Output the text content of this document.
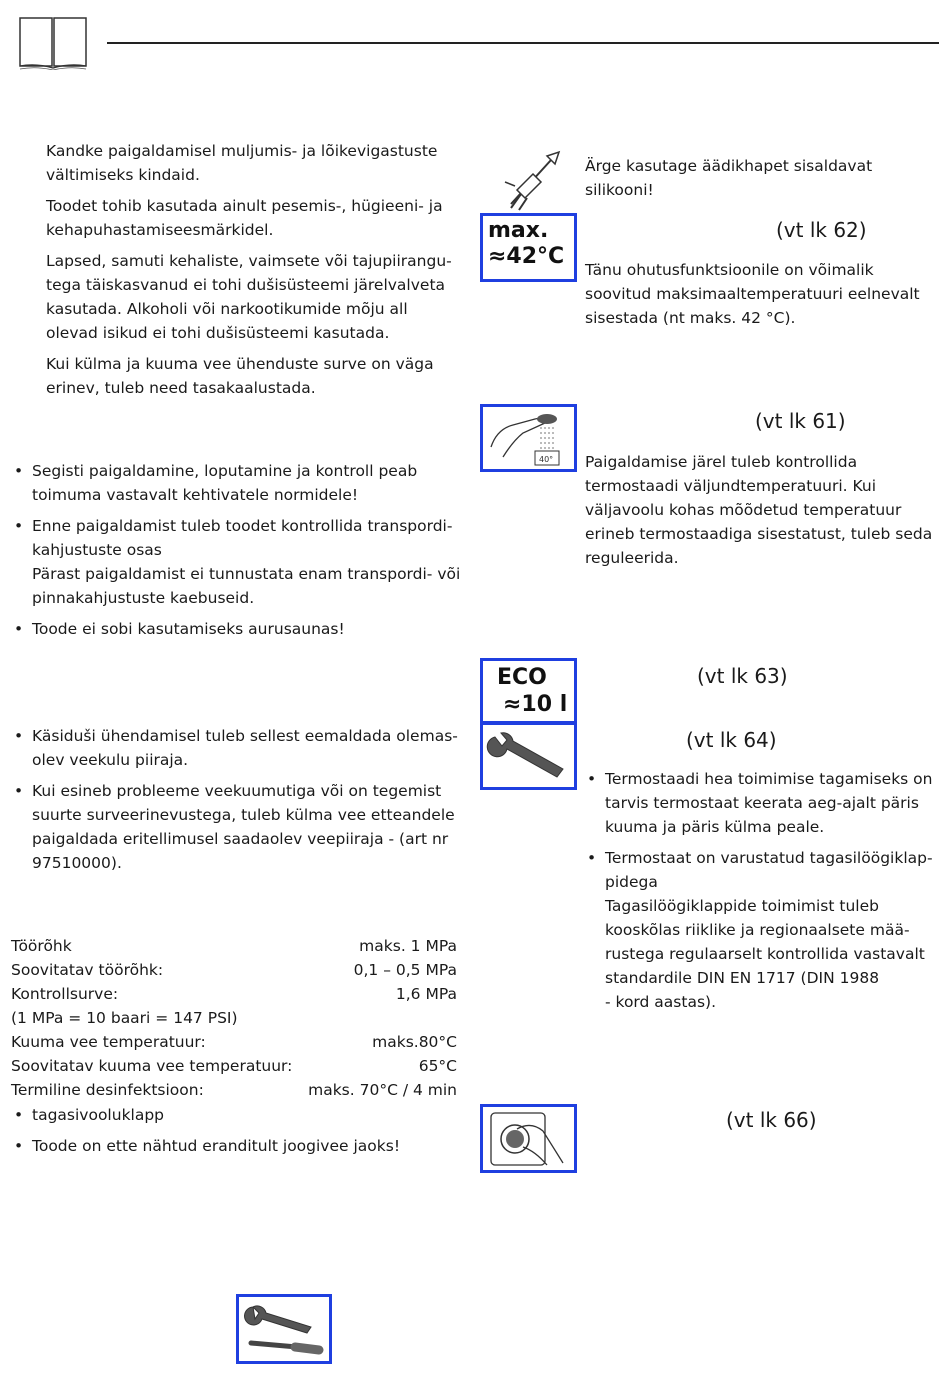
Kandke paigaldamisel muljumis- ja lõikevigastuste
vältimiseks kindaid.

Toodet tohib kasutada ainult pesemis-, hügieeni- ja
kehapuhastamiseesmärkidel.

Lapsed, samuti kehaliste, vaimsete või tajupiirangu-
tega täiskasvanud ei tohi dušisüsteemi järelvalveta
kasutada. Alkoholi või narkootikumide mõju all
olevad isikud ei tohi dušisüsteemi kasutada.

Kui külma ja kuuma vee ühenduste surve on väga
erinev, tuleb need tasakaalustada.

• Segisti paigaldamine, loputamine ja kontroll peab
toimuma vastavalt kehtivatele normidele!
• Enne paigaldamist tuleb toodet kontrollida transpordi-
kahjustuste osas
Pärast paigaldamist ei tunnustata enam transpordi- või
pinnakahjustuste kaebuseid.
• Toode ei sobi kasutamiseks aurusaunas!
• Käsiduši ühendamisel tuleb sellest eemaldada olemas-
olev veekulu piiraja.
• Kui esineb probleeme veekuumutiga või on tegemist
suurte surveerinevustega, tuleb külma vee etteandele
paigaldada eritellimusel saadaolev veepiiraja - (art nr
97510000).
Töörõhk	maks. 1 MPa
Soovitatav töörõhk:	0,1 – 0,5 MPa
Kontrollsurve:	1,6 MPa
(1 MPa = 10 baari = 147 PSI)
Kuuma vee temperatuur:	maks.80°C
Soovitatav kuuma vee temperatuur:	65°C
Termiline desinfektsioon:	maks. 70°C / 4 min
• tagasivooluklapp
• Toode on ette nähtud eranditult joogivee jaoks!

Ärge kasutage äädikhapet sisaldavat
silikooni!

max.
≈42°C
(vt lk 62)

Tänu ohutusfunktsioonile on võimalik
soovitud maksimaaltemperatuuri eelnevalt
sisestada (nt maks. 42 °C).

40°
(vt lk 61)

Paigaldamise järel tuleb kontrollida
termostaadi väljundtemperatuuri. Kui
väljavoolu kohas mõõdetud temperatuur
erineb termostaadiga sisestatust, tuleb seda
reguleerida.

ECO
≈10 l
(vt lk 63)
(vt lk 64)
• Termostaadi hea toimimise tagamiseks on
tarvis termostaat keerata aeg-ajalt päris
kuuma ja päris külma peale.
• Termostaat on varustatud tagasilöögiklap-
pidega
Tagasilöögiklappide toimimist tuleb
kooskõlas riiklike ja regionaalsete mää-
rustega regulaarselt kontrollida vastavalt
standardile DIN EN 1717 (DIN 1988
- kord aastas).
(vt lk 66)
